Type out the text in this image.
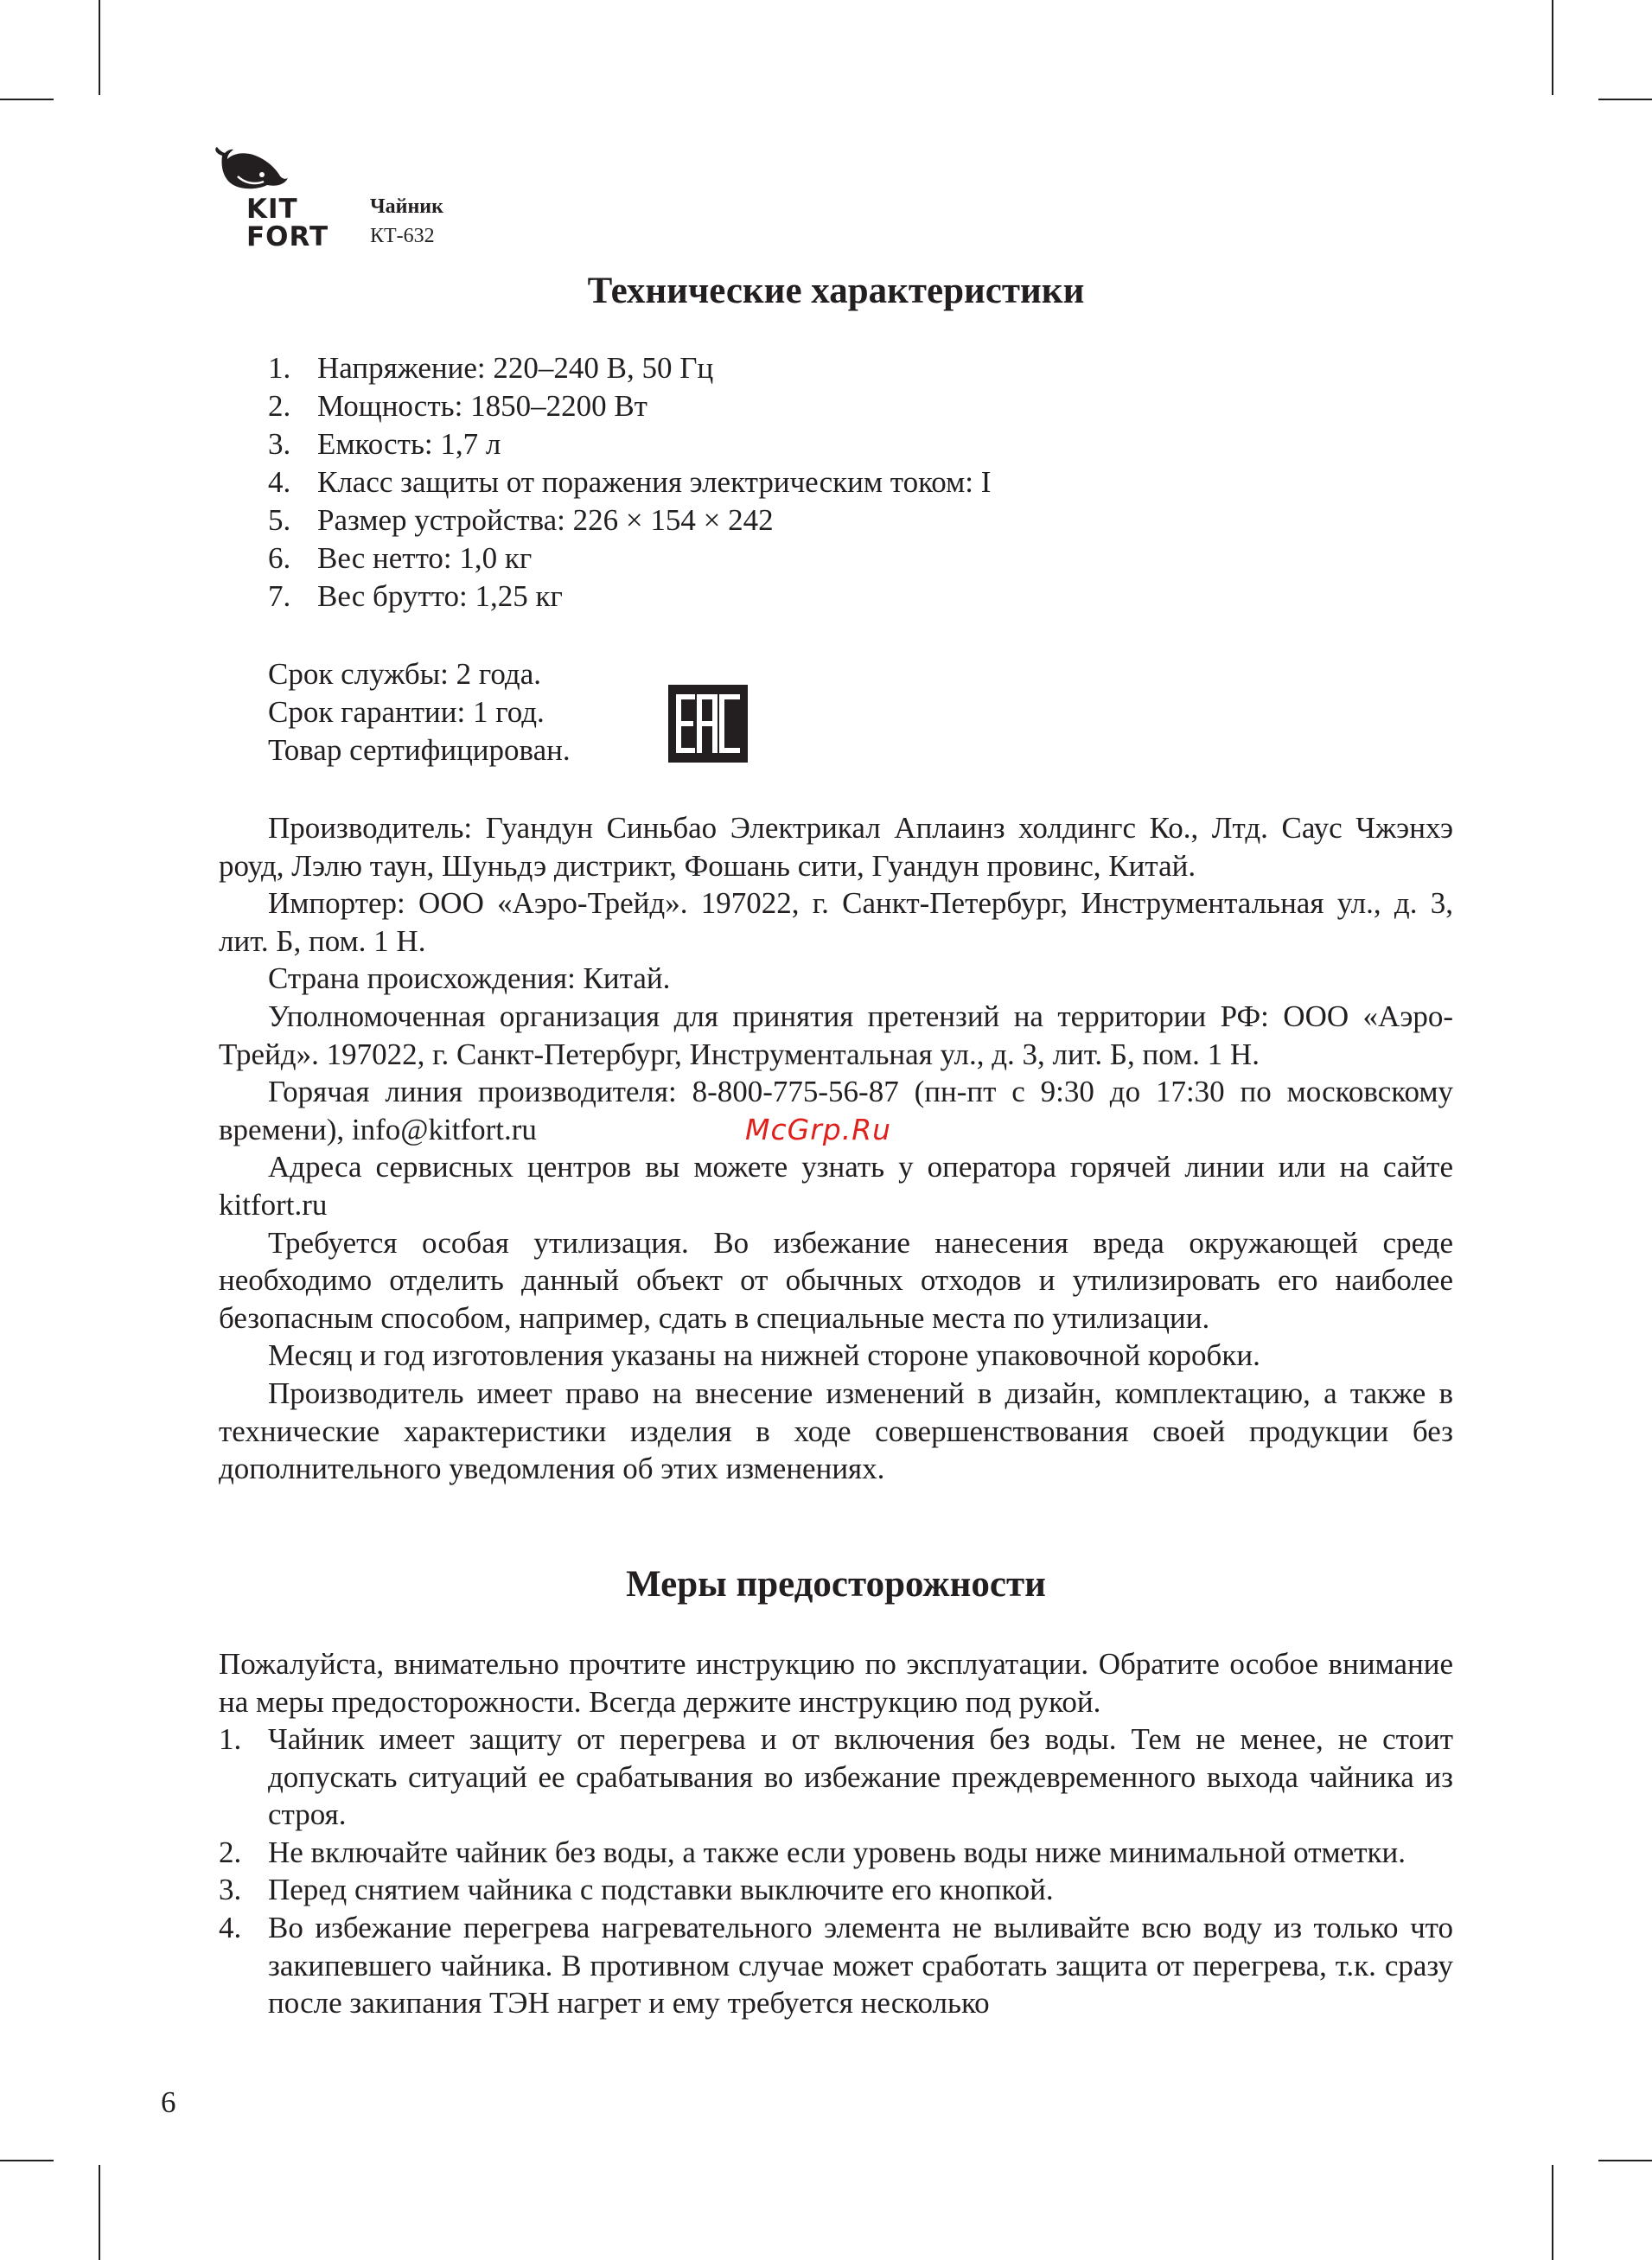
KIT
FORT
Чайник
КТ-632
Технические характеристики
1. Напряжение: 220–240 В, 50 Гц
2. Мощность: 1850–2200 Вт
3. Емкость: 1,7 л
4. Класс защиты от поражения электрическим током: I
5. Размер устройства: 226 × 154 × 242
6. Вес нетто: 1,0 кг
7. Вес брутто: 1,25 кг
Срок службы: 2 года.
Срок гарантии: 1 год.
Товар сертифицирован.

Производитель: Гуандун Синьбао Электрикал Аплаинз холдингс Ко., Лтд. Саус Чжэнхэ роуд, Лэлю таун, Шуньдэ дистрикт, Фошань сити, Гуандун провинс, Китай.

Импортер: ООО «Аэро-Трейд». 197022, г. Санкт-Петербург, Инструментальная ул., д. 3, лит. Б, пом. 1 Н.

Страна происхождения: Китай.

Уполномоченная организация для принятия претензий на территории РФ: ООО «Аэро-Трейд». 197022, г. Санкт-Петербург, Инструментальная ул., д. 3, лит. Б, пом. 1 Н.

Горячая линия производителя: 8-800-775-56-87 (пн-пт с 9:30 до 17:30 по московскому времени), info@kitfort.ru

Адреса сервисных центров вы можете узнать у оператора горячей линии или на сайте kitfort.ru

Требуется особая утилизация. Во избежание нанесения вреда окружающей среде необходимо отделить данный объект от обычных отходов и утилизировать его наиболее безопасным способом, например, сдать в специальные места по утилизации.

Месяц и год изготовления указаны на нижней стороне упаковочной коробки.

Производитель имеет право на внесение изменений в дизайн, комплектацию, а также в технические характеристики изделия в ходе совершенствования своей продукции без дополнительного уведомления об этих изменениях.

McGrp.Ru
Меры предосторожности

Пожалуйста, внимательно прочтите инструкцию по эксплуатации. Обратите особое внимание на меры предосторожности. Всегда держите инструкцию под рукой.

1. Чайник имеет защиту от перегрева и от включения без воды. Тем не менее, не стоит допускать ситуаций ее срабатывания во избежание преждевременного выхода чайника из строя.
2. Не включайте чайник без воды, а также если уровень воды ниже минимальной отметки.
3. Перед снятием чайника с подставки выключите его кнопкой.
4. Во избежание перегрева нагревательного элемента не выливайте всю воду из только что закипевшего чайника. В противном случае может сработать защита от перегрева, т.к. сразу после закипания ТЭН нагрет и ему требуется несколько
6
